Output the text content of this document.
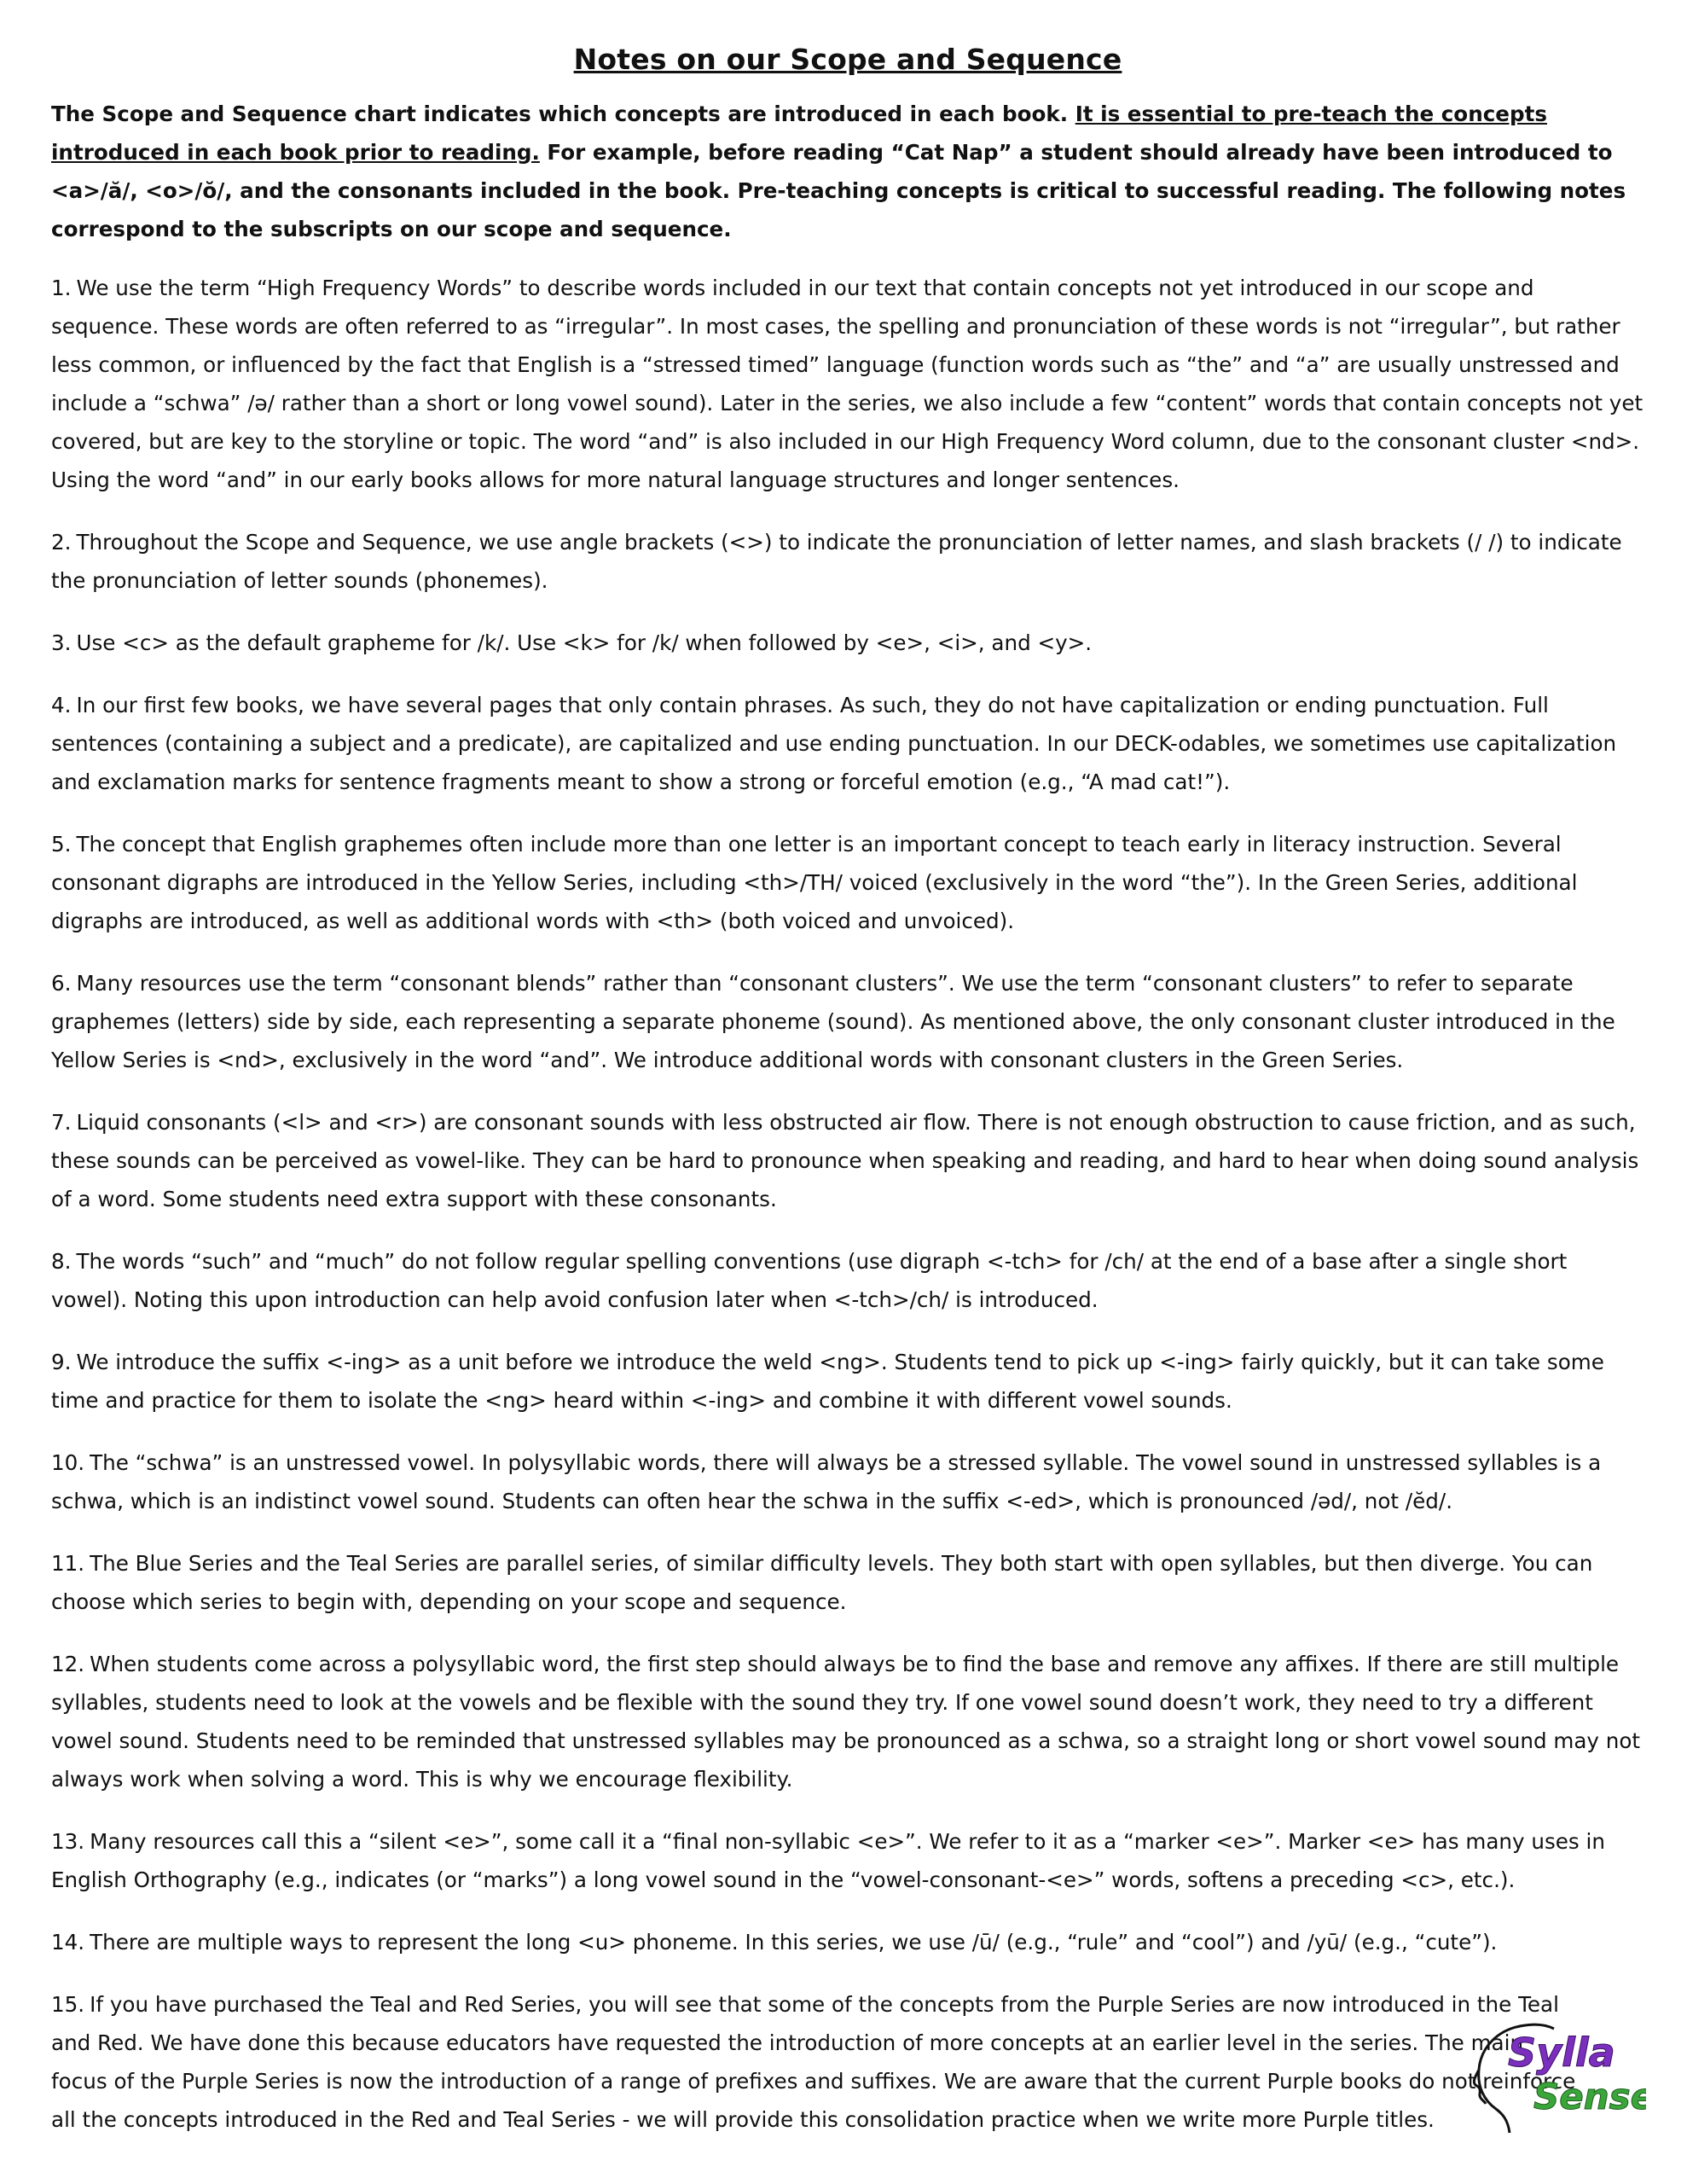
Notes on our Scope and Sequence

The Scope and Sequence chart indicates which concepts are introduced in each book. It is essential to pre-teach the concepts introduced in each book prior to reading. For example, before reading “Cat Nap” a student should already have been introduced to <a>/ă/, <o>/ŏ/, and the consonants included in the book. Pre-teaching concepts is critical to successful reading. The following notes correspond to the subscripts on our scope and sequence.

1. We use the term “High Frequency Words” to describe words included in our text that contain concepts not yet introduced in our scope and sequence. These words are often referred to as “irregular”. In most cases, the spelling and pronunciation of these words is not “irregular”, but rather less common, or influenced by the fact that English is a “stressed timed” language (function words such as “the” and “a” are usually unstressed and include a “schwa” /ə/ rather than a short or long vowel sound). Later in the series, we also include a few “content” words that contain concepts not yet covered, but are key to the storyline or topic. The word “and” is also included in our High Frequency Word column, due to the consonant cluster <nd>. Using the word “and” in our early books allows for more natural language structures and longer sentences.

2. Throughout the Scope and Sequence, we use angle brackets (<>) to indicate the pronunciation of letter names, and slash brackets (/ /) to indicate the pronunciation of letter sounds (phonemes).

3. Use <c> as the default grapheme for /k/. Use <k> for /k/ when followed by <e>, <i>, and <y>.

4. In our first few books, we have several pages that only contain phrases. As such, they do not have capitalization or ending punctuation. Full sentences (containing a subject and a predicate), are capitalized and use ending punctuation. In our DECK-odables, we sometimes use capitalization and exclamation marks for sentence fragments meant to show a strong or forceful emotion (e.g., “A mad cat!”).

5. The concept that English graphemes often include more than one letter is an important concept to teach early in literacy instruction. Several consonant digraphs are introduced in the Yellow Series, including <th>/TH/ voiced (exclusively in the word “the”). In the Green Series, additional digraphs are introduced, as well as additional words with <th> (both voiced and unvoiced).

6. Many resources use the term “consonant blends” rather than “consonant clusters”. We use the term “consonant clusters” to refer to separate graphemes (letters) side by side, each representing a separate phoneme (sound). As mentioned above, the only consonant cluster introduced in the Yellow Series is <nd>, exclusively in the word “and”. We introduce additional words with consonant clusters in the Green Series.

7. Liquid consonants (<l> and <r>) are consonant sounds with less obstructed air flow. There is not enough obstruction to cause friction, and as such, these sounds can be perceived as vowel-like. They can be hard to pronounce when speaking and reading, and hard to hear when doing sound analysis of a word. Some students need extra support with these consonants.

8. The words “such” and “much” do not follow regular spelling conventions (use digraph <-tch> for /ch/ at the end of a base after a single short vowel). Noting this upon introduction can help avoid confusion later when <-tch>/ch/ is introduced.

9. We introduce the suffix <-ing> as a unit before we introduce the weld <ng>. Students tend to pick up <-ing> fairly quickly, but it can take some time and practice for them to isolate the <ng> heard within <-ing> and combine it with different vowel sounds.

10. The “schwa” is an unstressed vowel. In polysyllabic words, there will always be a stressed syllable. The vowel sound in unstressed syllables is a schwa, which is an indistinct vowel sound. Students can often hear the schwa in the suffix <-ed>, which is pronounced /əd/, not /ĕd/.

11. The Blue Series and the Teal Series are parallel series, of similar difficulty levels. They both start with open syllables, but then diverge. You can choose which series to begin with, depending on your scope and sequence.

12. When students come across a polysyllabic word, the first step should always be to find the base and remove any affixes. If there are still multiple syllables, students need to look at the vowels and be flexible with the sound they try. If one vowel sound doesn’t work, they need to try a different vowel sound. Students need to be reminded that unstressed syllables may be pronounced as a schwa, so a straight long or short vowel sound may not always work when solving a word. This is why we encourage flexibility.

13. Many resources call this a “silent <e>”, some call it a “final non-syllabic <e>”. We refer to it as a “marker <e>”. Marker <e> has many uses in English Orthography (e.g., indicates (or “marks”) a long vowel sound in the “vowel-consonant-<e>” words, softens a preceding <c>, etc.).

14. There are multiple ways to represent the long <u> phoneme. In this series, we use /ū/ (e.g., “rule” and “cool”) and /yū/ (e.g., “cute”).

15. If you have purchased the Teal and Red Series, you will see that some of the concepts from the Purple Series are now introduced in the Teal and Red. We have done this because educators have requested the introduction of more concepts at an earlier level in the series. The main focus of the Purple Series is now the introduction of a range of prefixes and suffixes. We are aware that the current Purple books do not reinforce all the concepts introduced in the Red and Teal Series - we will provide this consolidation practice when we write more Purple titles.

Sylla
Sense
